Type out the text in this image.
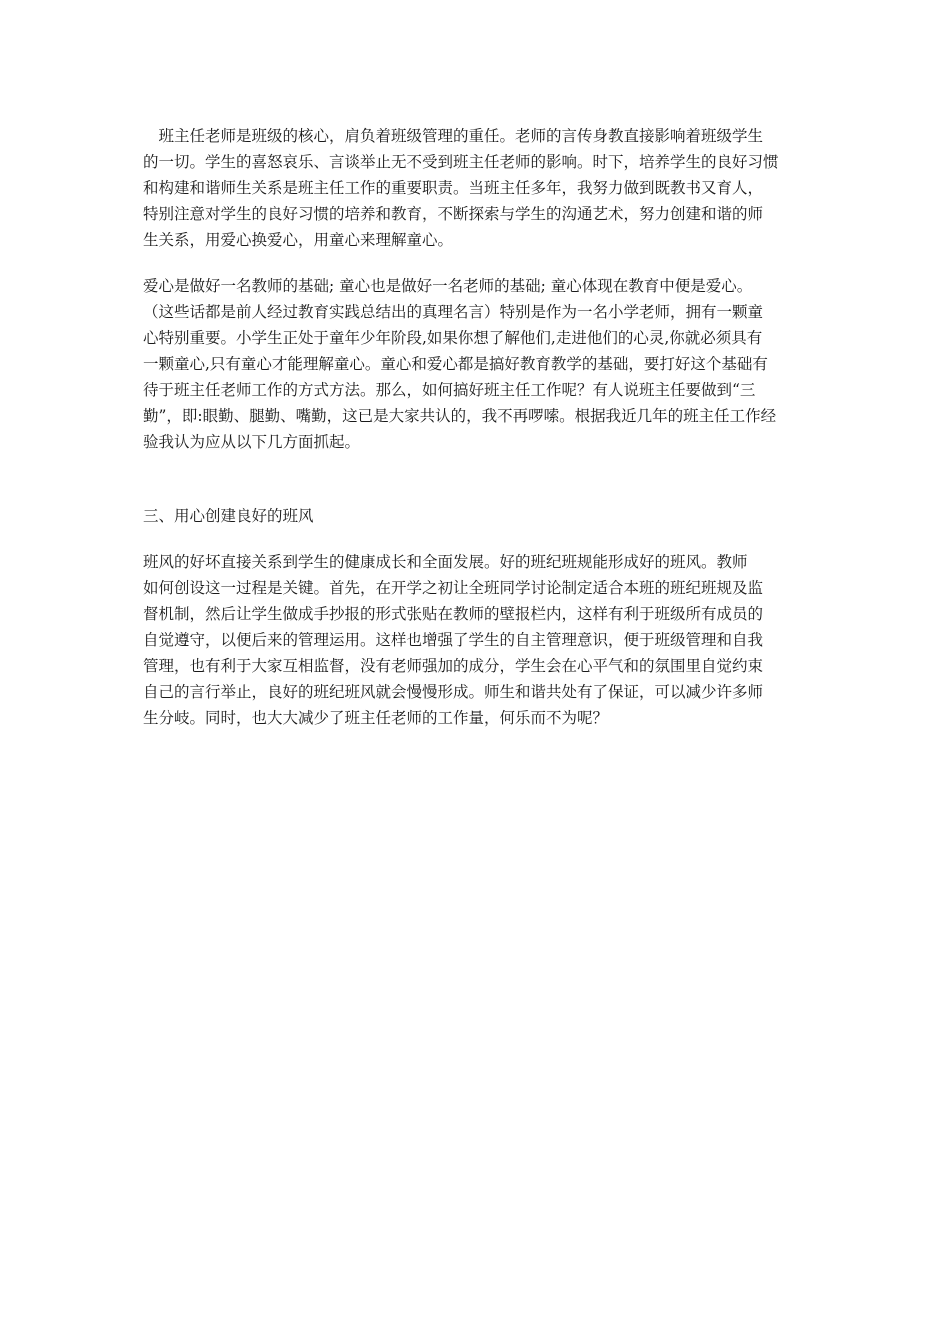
　班主任老师是班级的核心，肩负着班级管理的重任。老师的言传身教直接影响着班级学生
的一切。学生的喜怒哀乐、言谈举止无不受到班主任老师的影响。时下，培养学生的良好习惯
和构建和谐师生关系是班主任工作的重要职责。当班主任多年，我努力做到既教书又育人，
特别注意对学生的良好习惯的培养和教育，不断探索与学生的沟通艺术，努力创建和谐的师
生关系，用爱心换爱心，用童心来理解童心。
爱心是做好一名教师的基础; 童心也是做好一名老师的基础; 童心体现在教育中便是爱心。
（这些话都是前人经过教育实践总结出的真理名言）特别是作为一名小学老师，拥有一颗童
心特别重要。小学生正处于童年少年阶段,如果你想了解他们,走进他们的心灵,你就必须具有
一颗童心,只有童心才能理解童心。童心和爱心都是搞好教育教学的基础，要打好这个基础有
待于班主任老师工作的方式方法。那么，如何搞好班主任工作呢？有人说班主任要做到“三
勤”，即:眼勤、腿勤、嘴勤，这已是大家共认的，我不再啰嗦。根据我近几年的班主任工作经
验我认为应从以下几方面抓起。
三、用心创建良好的班风
班风的好坏直接关系到学生的健康成长和全面发展。好的班纪班规能形成好的班风。教师
如何创设这一过程是关键。首先，在开学之初让全班同学讨论制定适合本班的班纪班规及监
督机制，然后让学生做成手抄报的形式张贴在教师的壁报栏内，这样有利于班级所有成员的
自觉遵守，以便后来的管理运用。这样也增强了学生的自主管理意识，便于班级管理和自我
管理，也有利于大家互相监督，没有老师强加的成分，学生会在心平气和的氛围里自觉约束
自己的言行举止，良好的班纪班风就会慢慢形成。师生和谐共处有了保证，可以减少许多师
生分岐。同时，也大大减少了班主任老师的工作量，何乐而不为呢？
